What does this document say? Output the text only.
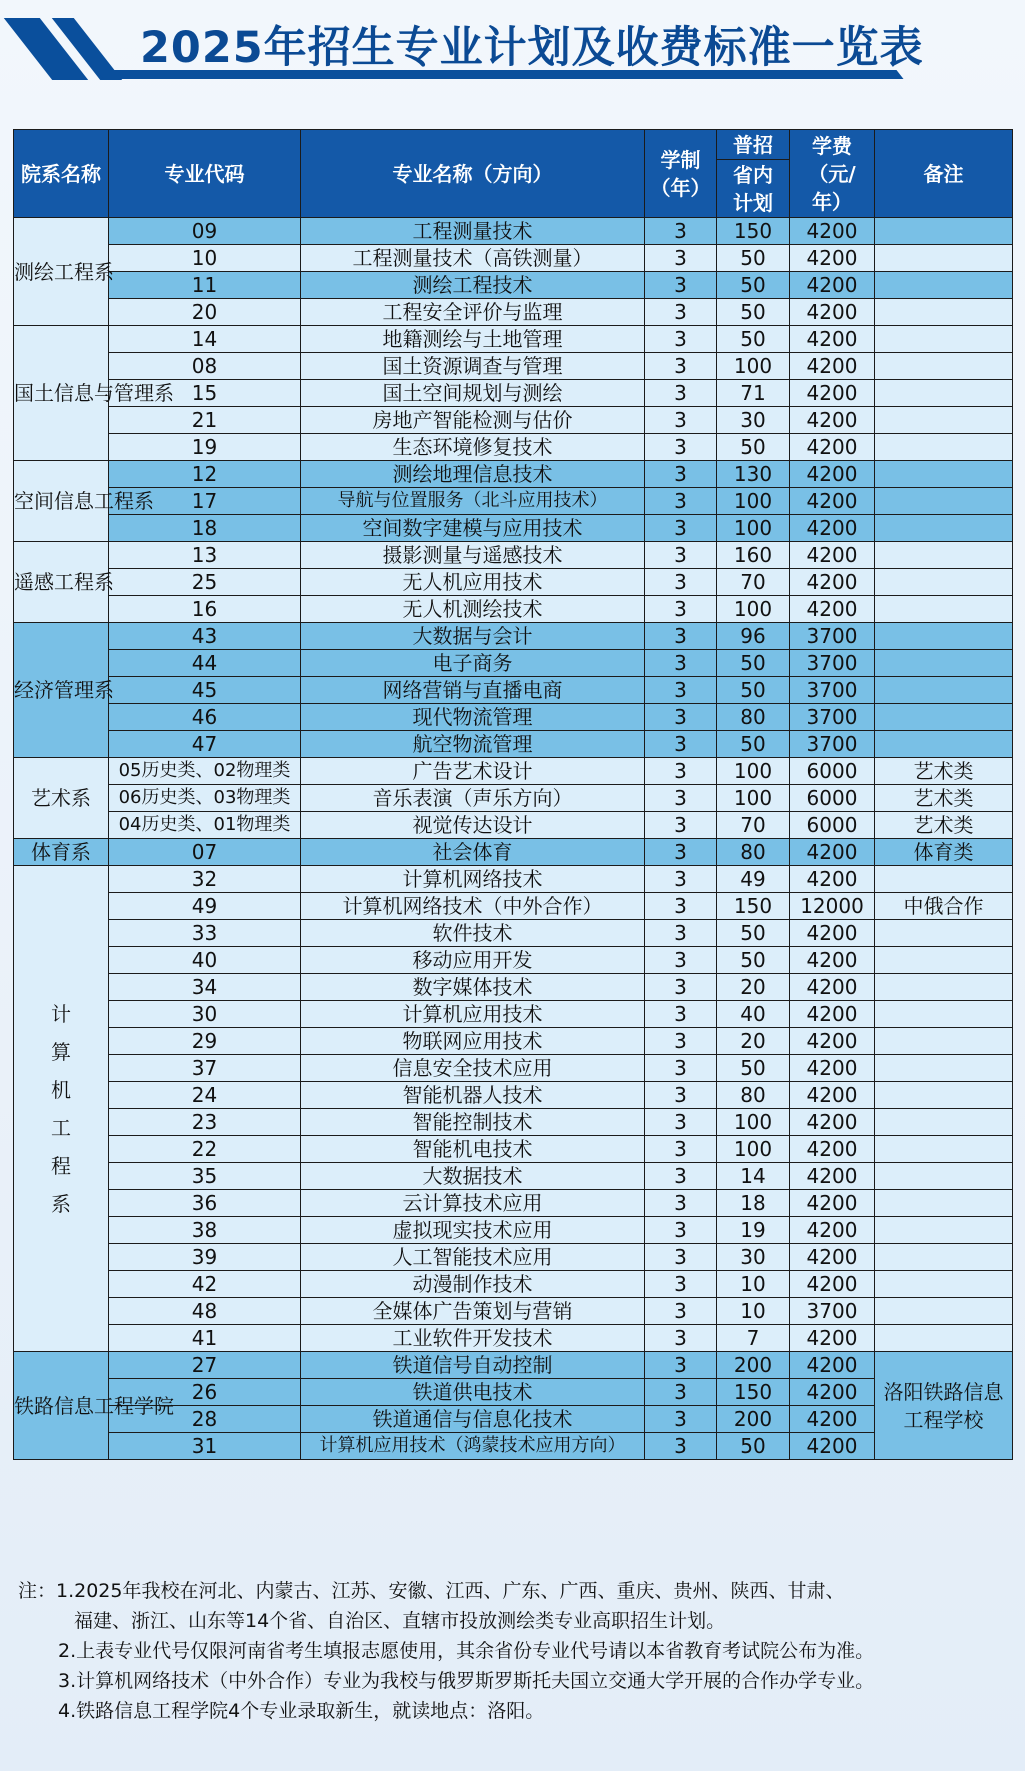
2025年招生专业计划及收费标准一览表
院系名称	专业代码	专业名称（方向）	学制（年）	普招	学费（元/年）	备注
				省内计划		
测绘工程系	09	工程测量技术	3	150	4200	
	10	工程测量技术（高铁测量）	3	50	4200	
	11	测绘工程技术	3	50	4200	
	20	工程安全评价与监理	3	50	4200	
国土信息与管理系	14	地籍测绘与土地管理	3	50	4200	
	08	国土资源调查与管理	3	100	4200	
	15	国土空间规划与测绘	3	71	4200	
	21	房地产智能检测与估价	3	30	4200	
	19	生态环境修复技术	3	50	4200	
空间信息工程系	12	测绘地理信息技术	3	130	4200	
	17	导航与位置服务（北斗应用技术）	3	100	4200	
	18	空间数字建模与应用技术	3	100	4200	
遥感工程系	13	摄影测量与遥感技术	3	160	4200	
	25	无人机应用技术	3	70	4200	
	16	无人机测绘技术	3	100	4200	
经济管理系	43	大数据与会计	3	96	3700	
	44	电子商务	3	50	3700	
	45	网络营销与直播电商	3	50	3700	
	46	现代物流管理	3	80	3700	
	47	航空物流管理	3	50	3700	
艺术系	05历史类、02物理类	广告艺术设计	3	100	6000	艺术类
	06历史类、03物理类	音乐表演（声乐方向）	3	100	6000	艺术类
	04历史类、01物理类	视觉传达设计	3	70	6000	艺术类
体育系	07	社会体育	3	80	4200	体育类
计算机工程系	32	计算机网络技术	3	49	4200	
	49	计算机网络技术（中外合作）	3	150	12000	中俄合作
	33	软件技术	3	50	4200	
	40	移动应用开发	3	50	4200	
	34	数字媒体技术	3	20	4200	
	30	计算机应用技术	3	40	4200	
	29	物联网应用技术	3	20	4200	
	37	信息安全技术应用	3	50	4200	
	24	智能机器人技术	3	80	4200	
	23	智能控制技术	3	100	4200	
	22	智能机电技术	3	100	4200	
	35	大数据技术	3	14	4200	
	36	云计算技术应用	3	18	4200	
	38	虚拟现实技术应用	3	19	4200	
	39	人工智能技术应用	3	30	4200	
	42	动漫制作技术	3	10	4200	
	48	全媒体广告策划与营销	3	10	3700	
	41	工业软件开发技术	3	7	4200	
铁路信息工程学院	27	铁道信号自动控制	3	200	4200	洛阳铁路信息工程学校
	26	铁道供电技术	3	150	4200	
	28	铁道通信与信息化技术	3	200	4200	
	31	计算机应用技术（鸿蒙技术应用方向）	3	50	4200	
注：1.2025年我校在河北、内蒙古、江苏、安徽、江西、广东、广西、重庆、贵州、陕西、甘肃、
福建、浙江、山东等14个省、自治区、直辖市投放测绘类专业高职招生计划。
2.上表专业代号仅限河南省考生填报志愿使用，其余省份专业代号请以本省教育考试院公布为准。
3.计算机网络技术（中外合作）专业为我校与俄罗斯罗斯托夫国立交通大学开展的合作办学专业。
4.铁路信息工程学院4个专业录取新生，就读地点：洛阳。
